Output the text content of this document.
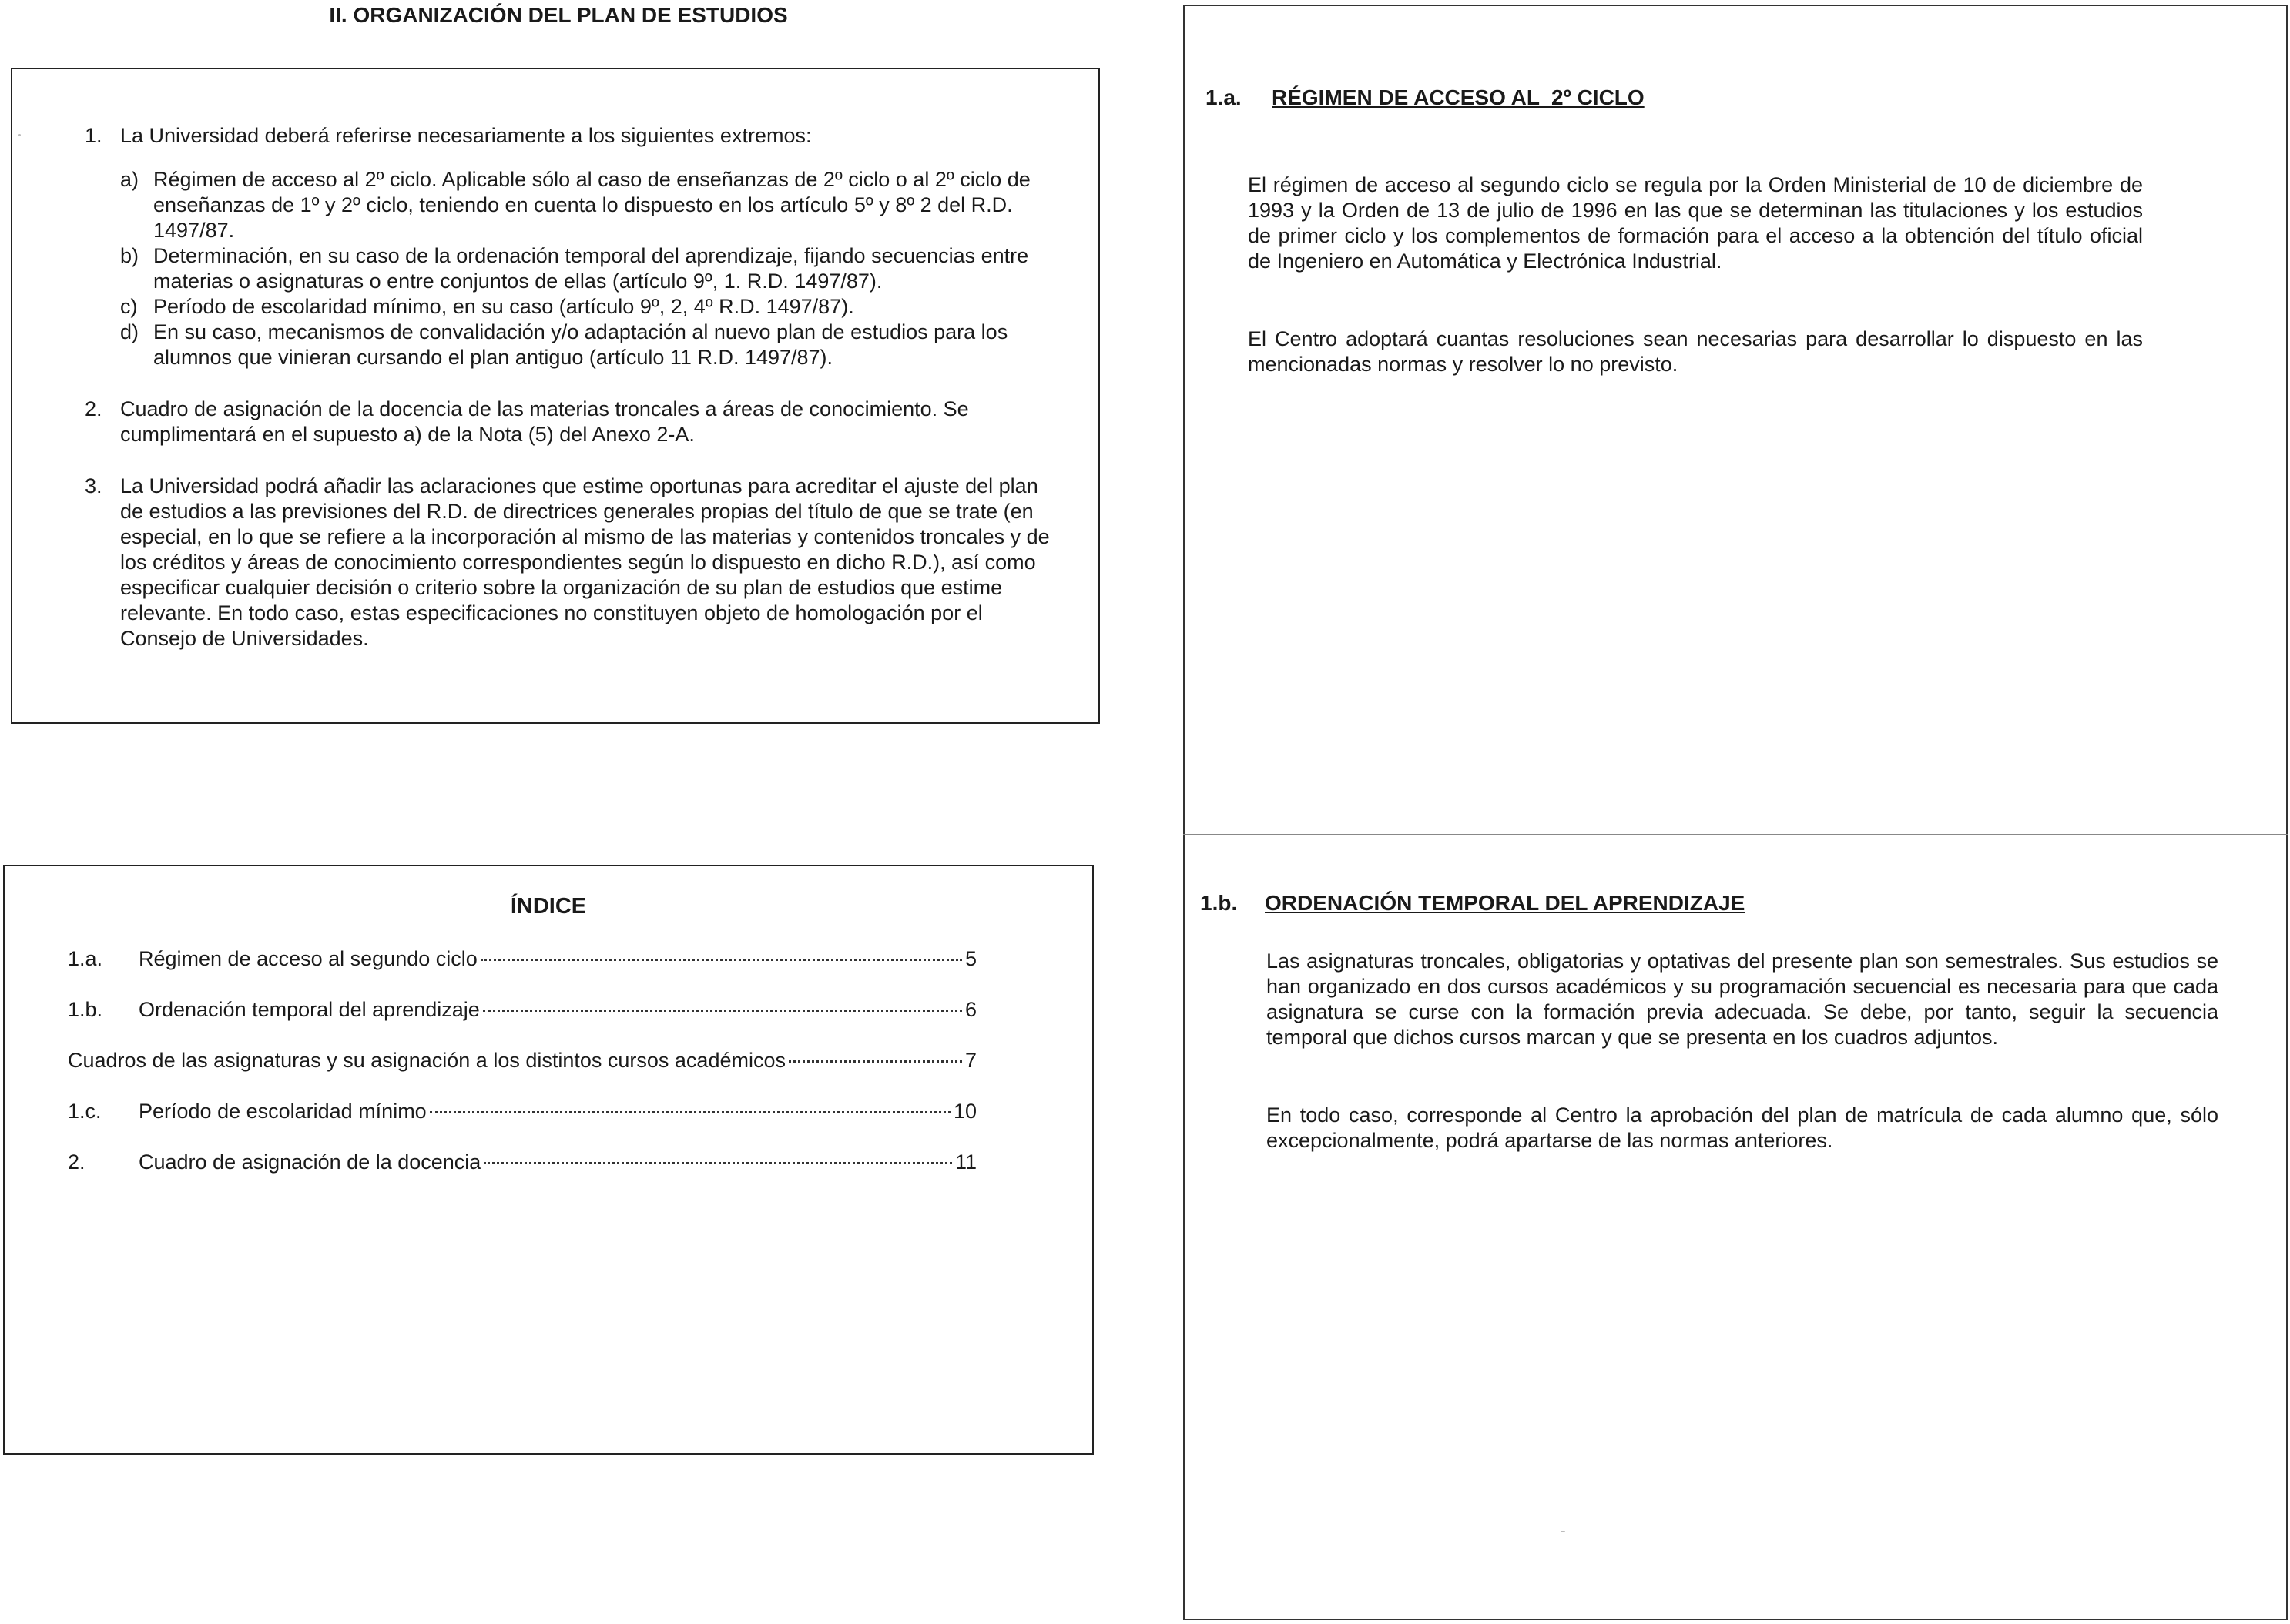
II. ORGANIZACIÓN DEL PLAN DE ESTUDIOS
1. La Universidad deberá referirse necesariamente a los siguientes extremos:
a) Régimen de acceso al 2º ciclo. Aplicable sólo al caso de enseñanzas de 2º ciclo o al 2º ciclo de enseñanzas de 1º y 2º ciclo, teniendo en cuenta lo dispuesto en los artículo 5º y 8º 2 del R.D. 1497/87.
b) Determinación, en su caso de la ordenación temporal del aprendizaje, fijando secuencias entre materias o asignaturas o entre conjuntos de ellas (artículo 9º, 1. R.D. 1497/87).
c) Período de escolaridad mínimo, en su caso (artículo 9º, 2, 4º R.D. 1497/87).
d) En su caso, mecanismos de convalidación y/o adaptación al nuevo plan de estudios para los alumnos que vinieran cursando el plan antiguo (artículo 11 R.D. 1497/87).
2. Cuadro de asignación de la docencia de las materias troncales a áreas de conocimiento. Se cumplimentará en el supuesto a) de la Nota (5) del Anexo 2-A.
3. La Universidad podrá añadir las aclaraciones que estime oportunas para acreditar el ajuste del plan de estudios a las previsiones del R.D. de directrices generales propias del título de que se trate (en especial, en lo que se refiere a la incorporación al mismo de las materias y contenidos troncales y de los créditos y áreas de conocimiento correspondientes según lo dispuesto en dicho R.D.), así como especificar cualquier decisión o criterio sobre la organización de su plan de estudios que estime relevante. En todo caso, estas especificaciones no constituyen objeto de homologación por el Consejo de Universidades.
ÍNDICE
1.a.	Régimen de acceso al segundo ciclo	5
1.b.	Ordenación temporal del aprendizaje	6
Cuadros de las asignaturas y su asignación a los distintos cursos académicos	7
1.c.	Período de escolaridad mínimo	10
2.	Cuadro de asignación de la docencia	11
1.a. RÉGIMEN DE ACCESO AL  2º CICLO
El régimen de acceso al segundo ciclo se regula por la Orden Ministerial de 10 de diciembre de 1993 y la Orden de 13 de julio de 1996 en las que se determinan las titulaciones y los estudios de primer ciclo y los complementos de formación para el acceso a la obtención del título oficial de Ingeniero en Automática y Electrónica Industrial.
El Centro adoptará cuantas resoluciones sean necesarias para desarrollar lo dispuesto en las mencionadas normas y resolver lo no previsto.
1.b. ORDENACIÓN TEMPORAL DEL APRENDIZAJE
Las asignaturas troncales, obligatorias y optativas del presente plan son semestrales. Sus estudios se han organizado en dos cursos académicos y su programación secuencial es necesaria para que cada asignatura se curse con la formación previa adecuada. Se debe, por tanto, seguir la secuencia temporal que dichos cursos marcan y que se presenta en los cuadros adjuntos.
En todo caso, corresponde al Centro la aprobación del plan de matrícula de cada alumno que, sólo excepcionalmente, podrá apartarse de las normas anteriores.
